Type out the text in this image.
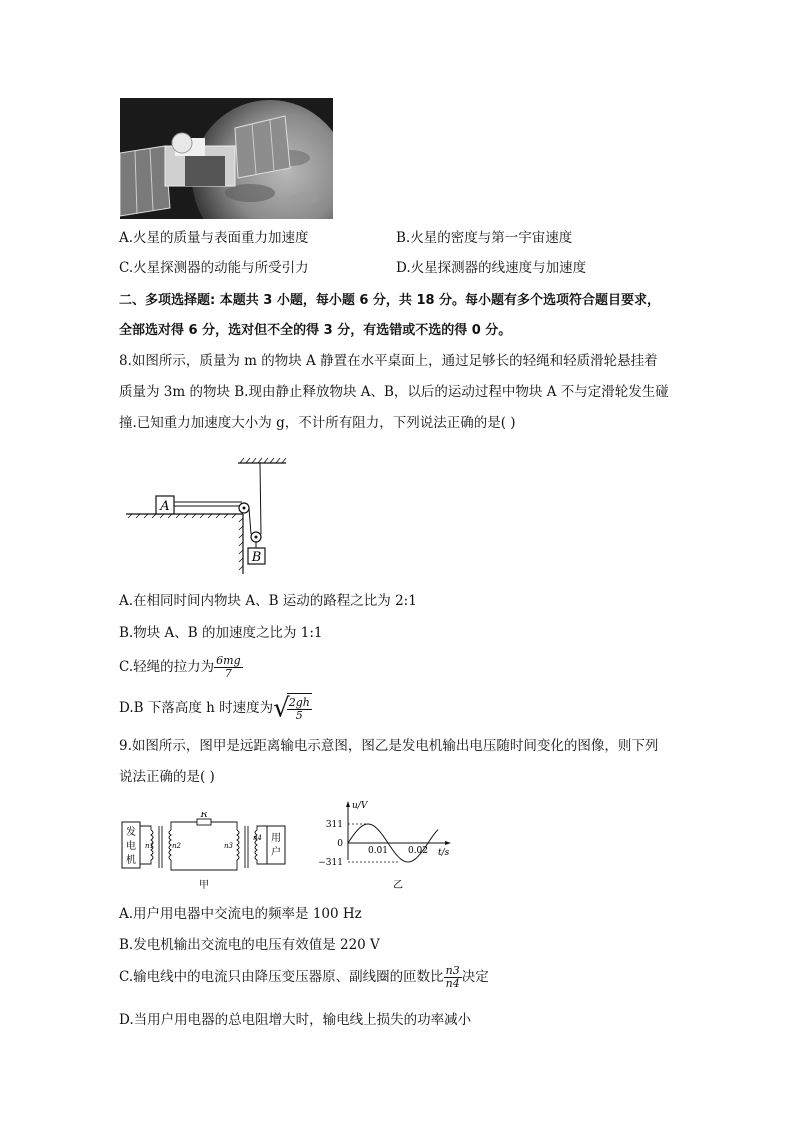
A.火星的质量与表面重力加速度	B.火星的密度与第一宇宙速度
C.火星探测器的动能与所受引力	D.火星探测器的线速度与加速度
二、多项选择题: 本题共 3 小题，每小题 6 分，共 18 分。每小题有多个选项符合题目要求，
全部选对得 6 分，选对但不全的得 3 分，有选错或不选的得 0 分。
8.如图所示，质量为 m 的物块 A 静置在水平桌面上，通过足够长的轻绳和轻质滑轮悬挂着
质量为 3m 的物块 B.现由静止释放物块 A、B，以后的运动过程中物块 A 不与定滑轮发生碰
撞.已知重力加速度大小为 g，不计所有阻力，下列说法正确的是( )
A
B
A.在相同时间内物块 A、B 运动的路程之比为 2:1
B.物块 A、B 的加速度之比为 1:1
C.轻绳的拉力为 $\frac{6mg}{7}$
D.B 下落高度 h 时速度为√
$\frac{2gh}{5}$
9.如图所示，图甲是远距离输电示意图，图乙是发电机输出电压随时间变化的图像，则下列
说法正确的是( )
发
电
机
n1	n2
R
n3
n4 用
户
甲
u/V
t/s
311
0
−311
0.01 0.02
乙
A.用户用电器中交流电的频率是 100 Hz
B.发电机输出交流电的电压有效值是 220 V
C.输电线中的电流只由降压变压器原、副线圈的匝数比 $\frac{n3}{n4}$ 决定
D.当用户用电器的总电阻增大时，输电线上损失的功率减小
